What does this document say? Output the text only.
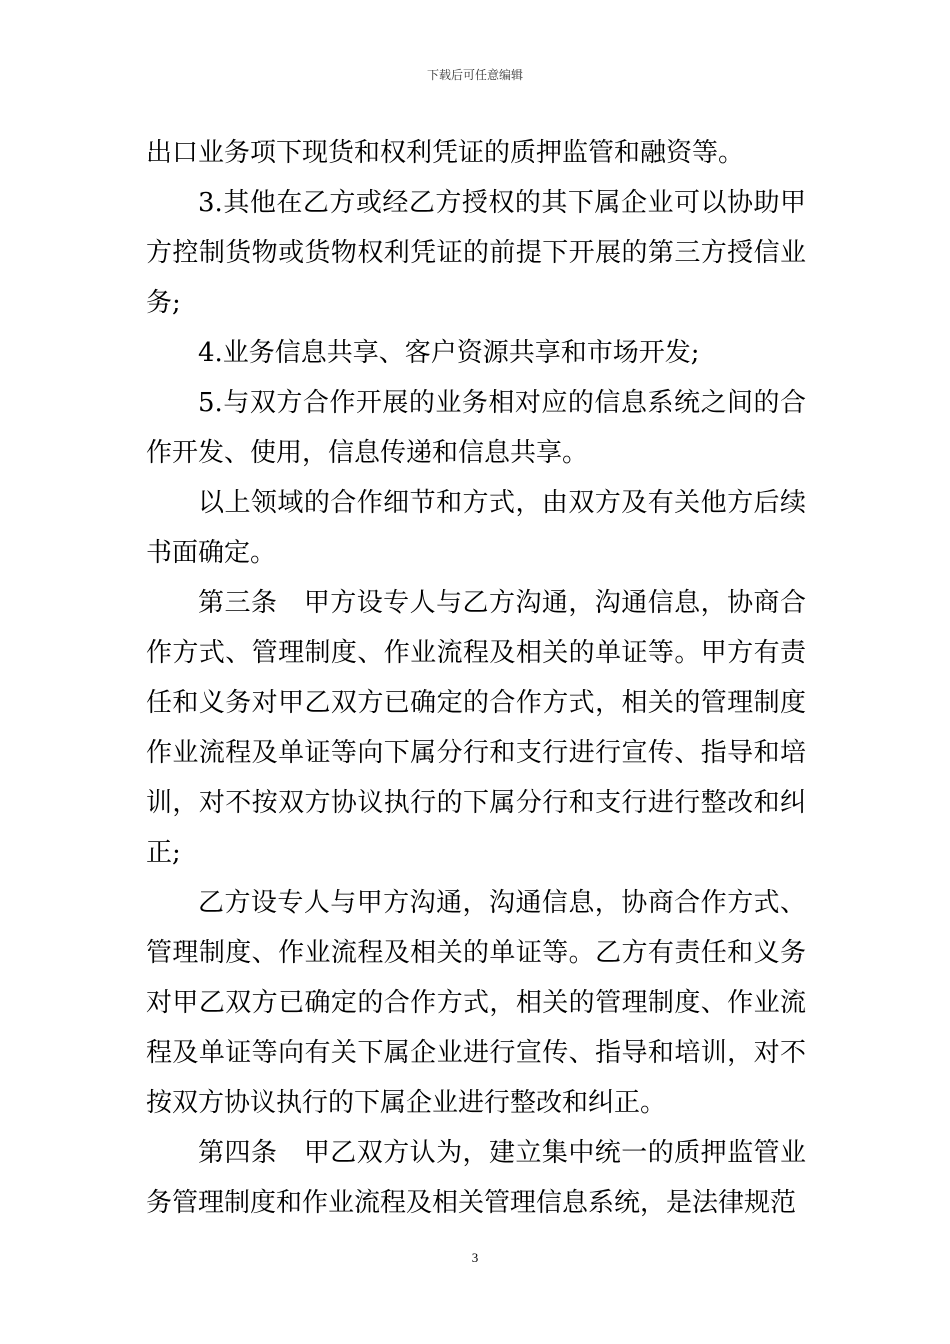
下载后可任意编辑

出口业务项下现货和权利凭证的质押监管和融资等。

3.其他在乙方或经乙方授权的其下属企业可以协助甲方控制货物或货物权利凭证的前提下开展的第三方授信业务;

4.业务信息共享、客户资源共享和市场开发;

5.与双方合作开展的业务相对应的信息系统之间的合作开发、使用，信息传递和信息共享。

以上领域的合作细节和方式，由双方及有关他方后续书面确定。

第三条　甲方设专人与乙方沟通，沟通信息，协商合作方式、管理制度、作业流程及相关的单证等。甲方有责任和义务对甲乙双方已确定的合作方式，相关的管理制度作业流程及单证等向下属分行和支行进行宣传、指导和培训，对不按双方协议执行的下属分行和支行进行整改和纠正;

乙方设专人与甲方沟通，沟通信息，协商合作方式、管理制度、作业流程及相关的单证等。乙方有责任和义务对甲乙双方已确定的合作方式，相关的管理制度、作业流程及单证等向有关下属企业进行宣传、指导和培训，对不按双方协议执行的下属企业进行整改和纠正。

第四条　甲乙双方认为，建立集中统一的质押监管业务管理制度和作业流程及相关管理信息系统，是法律规范

3
